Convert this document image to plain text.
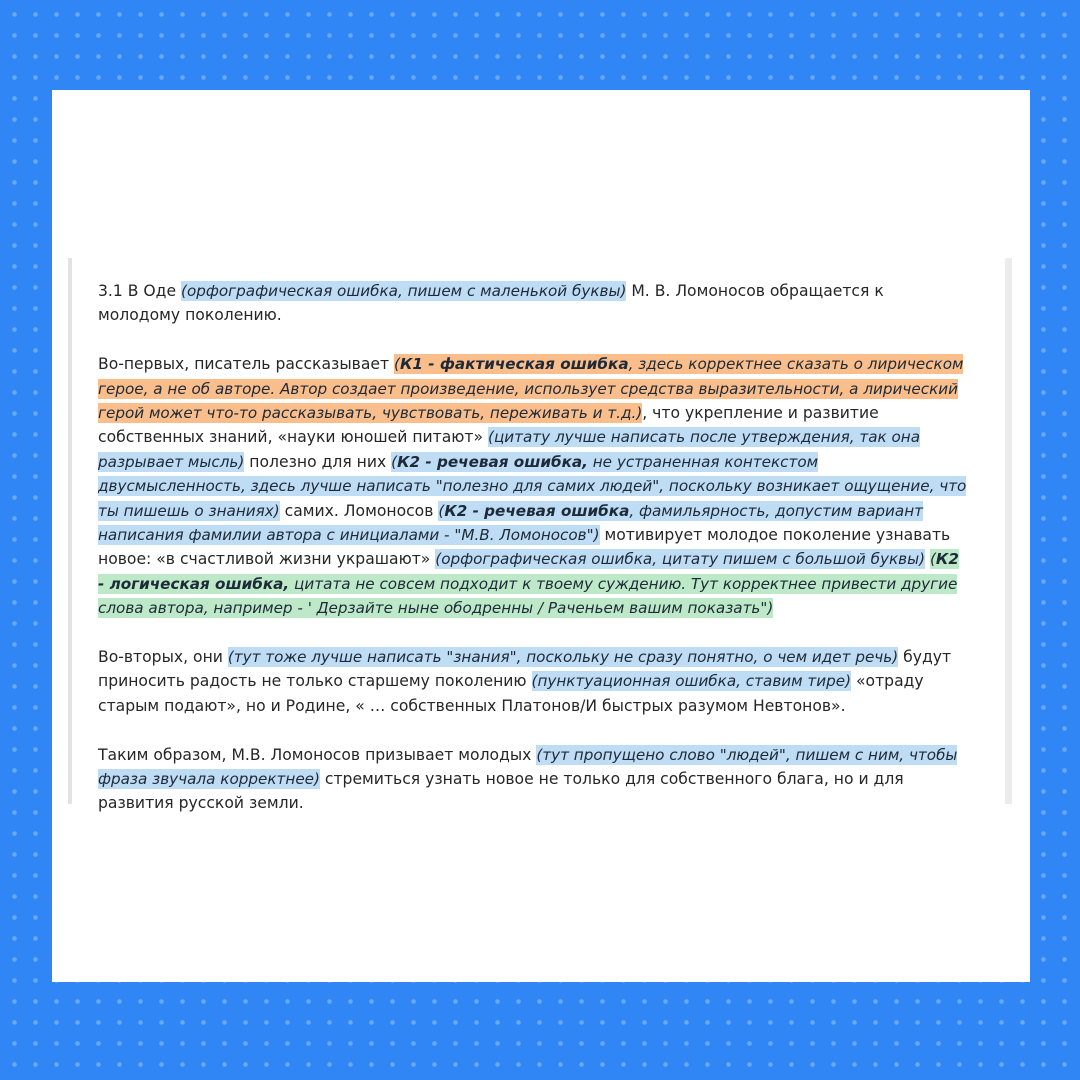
3.1 В Оде (орфографическая ошибка, пишем с маленькой буквы) М. В. Ломоносов обращается к молодому поколению.

Во-первых, писатель рассказывает (К1 - фактическая ошибка, здесь корректнее сказать о лирическом герое, а не об авторе. Автор создает произведение, использует средства выразительности, а лирический герой может что-то рассказывать, чувствовать, переживать и т.д.), что укрепление и развитие собственных знаний, «науки юношей питают» (цитату лучше написать после утверждения, так она разрывает мысль) полезно для них (К2 - речевая ошибка, не устраненная контекстом двусмысленность, здесь лучше написать "полезно для самих людей", поскольку возникает ощущение, что ты пишешь о знаниях) самих. Ломоносов (К2 - речевая ошибка, фамильярность, допустим вариант написания фамилии автора с инициалами - "М.В. Ломоносов") мотивирует молодое поколение узнавать новое: «в счастливой жизни украшают» (орфографическая ошибка, цитату пишем с большой буквы) (К2 - логическая ошибка, цитата не совсем подходит к твоему суждению. Тут корректнее привести другие слова автора, например - ' Дерзайте ныне ободренны / Раченьем вашим показать")

Во-вторых, они (тут тоже лучше написать "знания", поскольку не сразу понятно, о чем идет речь) будут приносить радость не только старшему поколению (пунктуационная ошибка, ставим тире) «отраду старым подают», но и Родине, « … собственных Платонов/И быстрых разумом Невтонов».

Таким образом, М.В. Ломоносов призывает молодых (тут пропущено слово "людей", пишем с ним, чтобы фраза звучала корректнее) стремиться узнать новое не только для собственного блага, но и для развития русской земли.
